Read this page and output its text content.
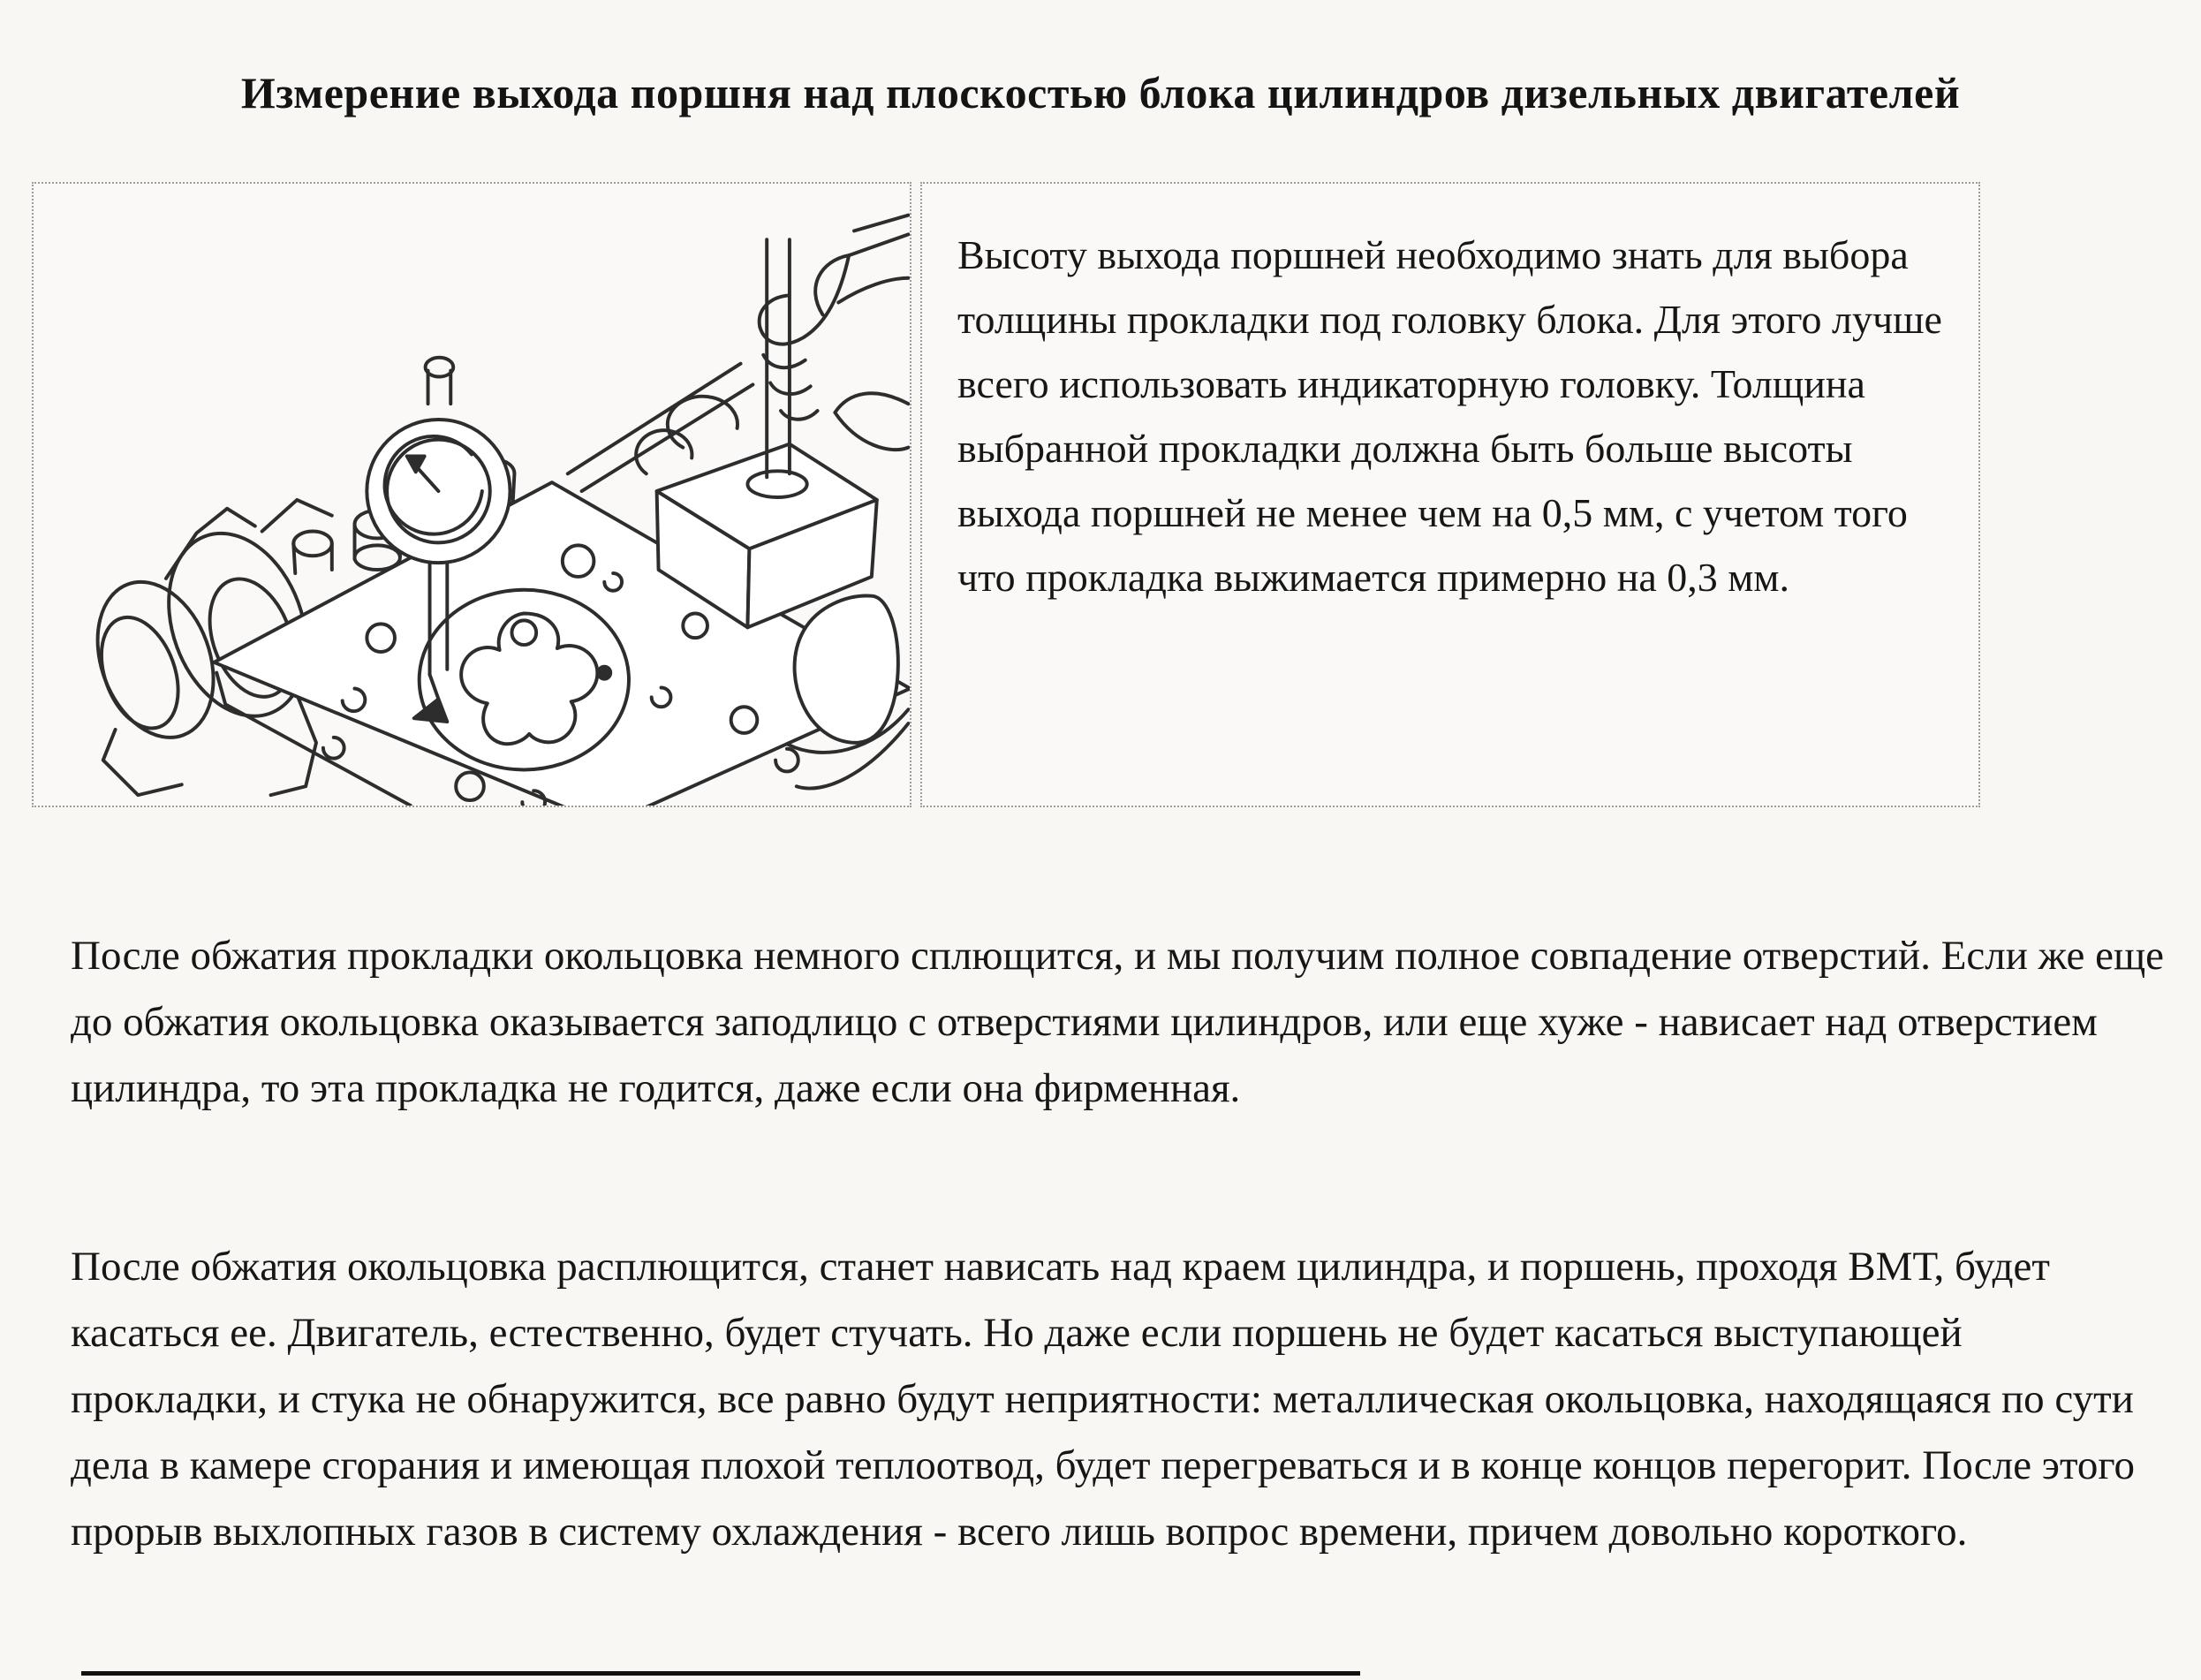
Измерение выхода поршня над плоскостью блока цилиндров дизельных двигателей
Высоту выхода поршней необходимо знать для выбора толщины прокладки под головку блока. Для этого лучше всего использовать индикаторную головку. Толщина выбранной прокладки должна быть больше высоты выхода поршней не менее чем на 0,5 мм, с учетом того что прокладка выжимается примерно на 0,3 мм.

После обжатия прокладки окольцовка немного сплющится, и мы получим полное совпадение отверстий. Если же еще до обжатия окольцовка оказывается заподлицо с отверстиями цилиндров, или еще хуже - нависает над отверстием цилиндра, то эта прокладка не годится, даже если она фирменная.

После обжатия окольцовка расплющится, станет нависать над краем цилиндра, и поршень, проходя ВМТ, будет касаться ее. Двигатель, естественно, будет стучать. Но даже если поршень не будет касаться выступающей прокладки, и стука не обнаружится, все равно будут неприятности: металлическая окольцовка, находящаяся по сути дела в камере сгорания и имеющая плохой теплоотвод, будет перегреваться и в конце концов перегорит. После этого прорыв выхлопных газов в систему охлаждения - всего лишь вопрос времени, причем довольно короткого.
